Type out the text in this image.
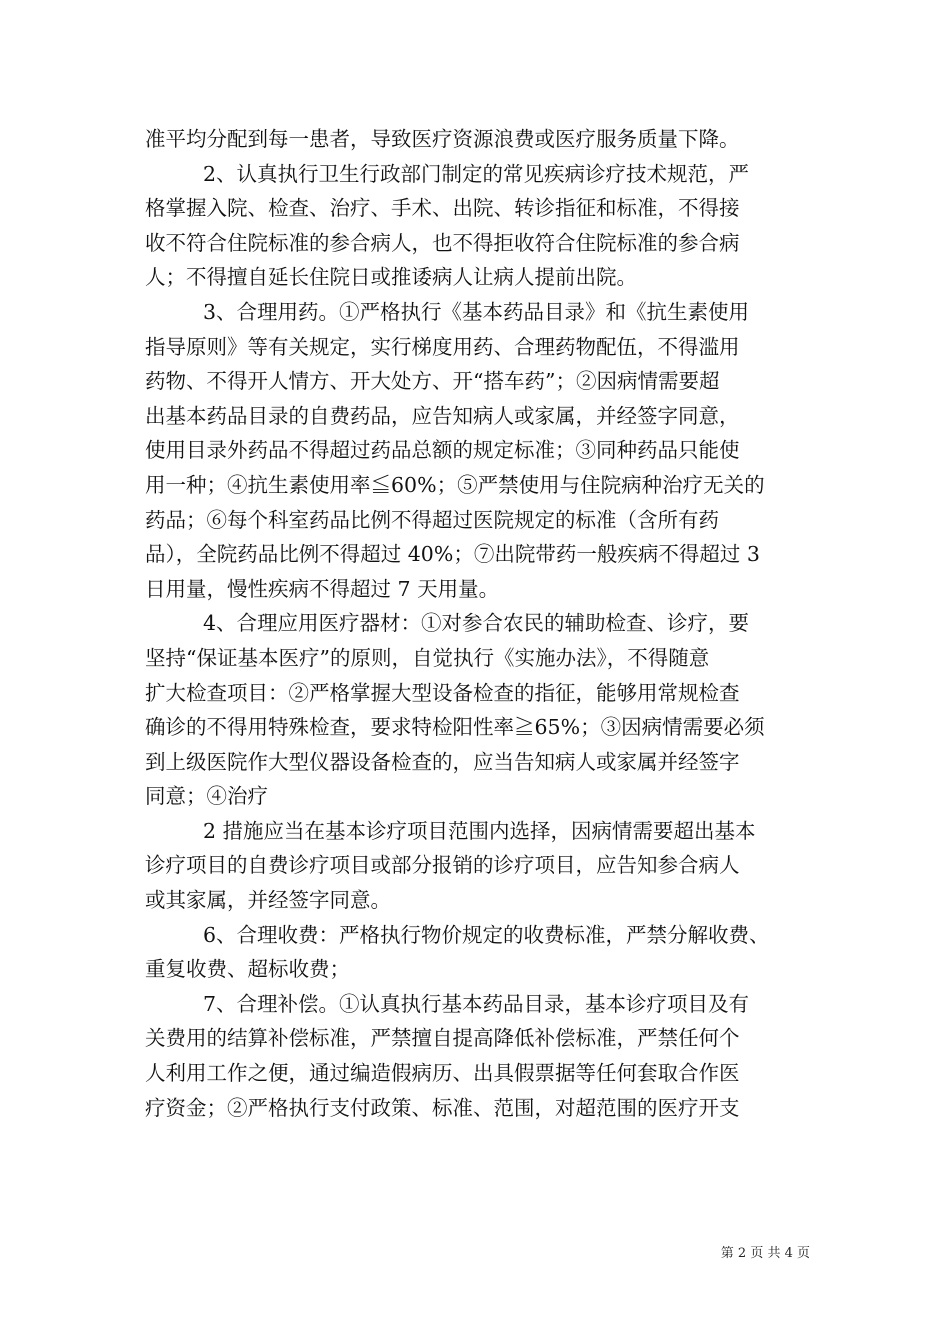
准平均分配到每一患者，导致医疗资源浪费或医疗服务质量下降。
2、认真执行卫生行政部门制定的常见疾病诊疗技术规范，严
格掌握入院、检查、治疗、手术、出院、转诊指征和标准，不得接
收不符合住院标准的参合病人，也不得拒收符合住院标准的参合病
人；不得擅自延长住院日或推诿病人让病人提前出院。
3、合理用药。①严格执行《基本药品目录》和《抗生素使用
指导原则》等有关规定，实行梯度用药、合理药物配伍，不得滥用
药物、不得开人情方、开大处方、开“搭车药”；②因病情需要超
出基本药品目录的自费药品，应告知病人或家属，并经签字同意，
使用目录外药品不得超过药品总额的规定标准；③同种药品只能使
用一种；④抗生素使用率≦60%；⑤严禁使用与住院病种治疗无关的
药品；⑥每个科室药品比例不得超过医院规定的标准（含所有药
品），全院药品比例不得超过 40%；⑦出院带药一般疾病不得超过 3
日用量，慢性疾病不得超过 7 天用量。
4、合理应用医疗器材：①对参合农民的辅助检查、诊疗，要
坚持“保证基本医疗”的原则，自觉执行《实施办法》，不得随意
扩大检查项目：②严格掌握大型设备检查的指征，能够用常规检查
确诊的不得用特殊检查，要求特检阳性率≧65%；③因病情需要必须
到上级医院作大型仪器设备检查的，应当告知病人或家属并经签字
同意；④治疗
2 措施应当在基本诊疗项目范围内选择，因病情需要超出基本
诊疗项目的自费诊疗项目或部分报销的诊疗项目，应告知参合病人
或其家属，并经签字同意。
6、合理收费：严格执行物价规定的收费标准，严禁分解收费、
重复收费、超标收费；
7、合理补偿。①认真执行基本药品目录，基本诊疗项目及有
关费用的结算补偿标准，严禁擅自提高降低补偿标准，严禁任何个
人利用工作之便，通过编造假病历、出具假票据等任何套取合作医
疗资金；②严格执行支付政策、标准、范围，对超范围的医疗开支
第 2 页 共 4 页
